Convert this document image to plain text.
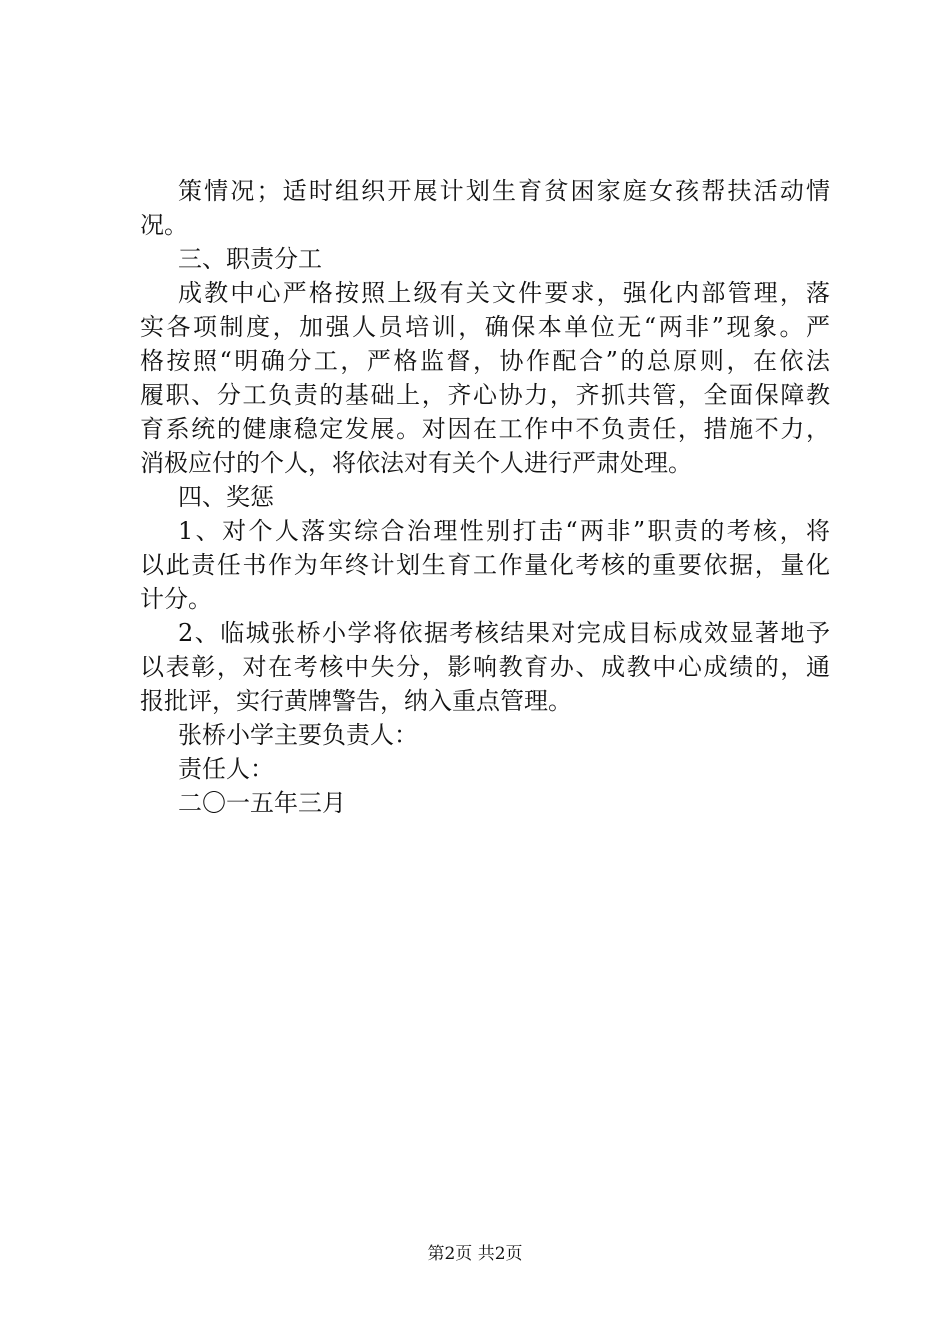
策情况；适时组织开展计划生育贫困家庭女孩帮扶活动情
况。
三、职责分工
成教中心严格按照上级有关文件要求，强化内部管理，落
实各项制度，加强人员培训，确保本单位无“两非”现象。严
格按照“明确分工，严格监督，协作配合”的总原则，在依法
履职、分工负责的基础上，齐心协力，齐抓共管，全面保障教
育系统的健康稳定发展。对因在工作中不负责任，措施不力，
消极应付的个人，将依法对有关个人进行严肃处理。
四、奖惩
1、对个人落实综合治理性别打击“两非”职责的考核，将
以此责任书作为年终计划生育工作量化考核的重要依据，量化
计分。
2、临城张桥小学将依据考核结果对完成目标成效显著地予
以表彰，对在考核中失分，影响教育办、成教中心成绩的，通
报批评，实行黄牌警告，纳入重点管理。
张桥小学主要负责人：
责任人：
二〇一五年三月
第2页 共2页
